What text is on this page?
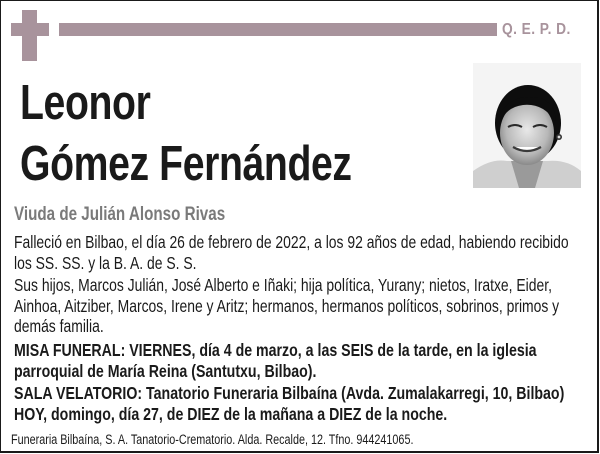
Q. E. P. D.
Leonor
Gómez Fernández
Viuda de Julián Alonso Rivas
Falleció en Bilbao, el día 26 de febrero de 2022, a los 92 años de edad, habiendo recibido los SS. SS. y la B. A. de S. S.
Sus hijos, Marcos Julián, José Alberto e Iñaki; hija política, Yurany; nietos, Iratxe, Eider, Ainhoa, Aitziber, Marcos, Irene y Aritz; hermanos, hermanos políticos, sobrinos, primos y demás familia.
MISA FUNERAL: VIERNES, día 4 de marzo, a las SEIS de la tarde, en la iglesia parroquial de María Reina (Santutxu, Bilbao).
SALA VELATORIO: Tanatorio Funeraria Bilbaína (Avda. Zumalakarregi, 10, Bilbao) HOY, domingo, día 27, de DIEZ de la mañana a DIEZ de la noche.
Funeraria Bilbaína, S. A. Tanatorio-Crematorio. Alda. Recalde, 12. Tfno. 944241065.
